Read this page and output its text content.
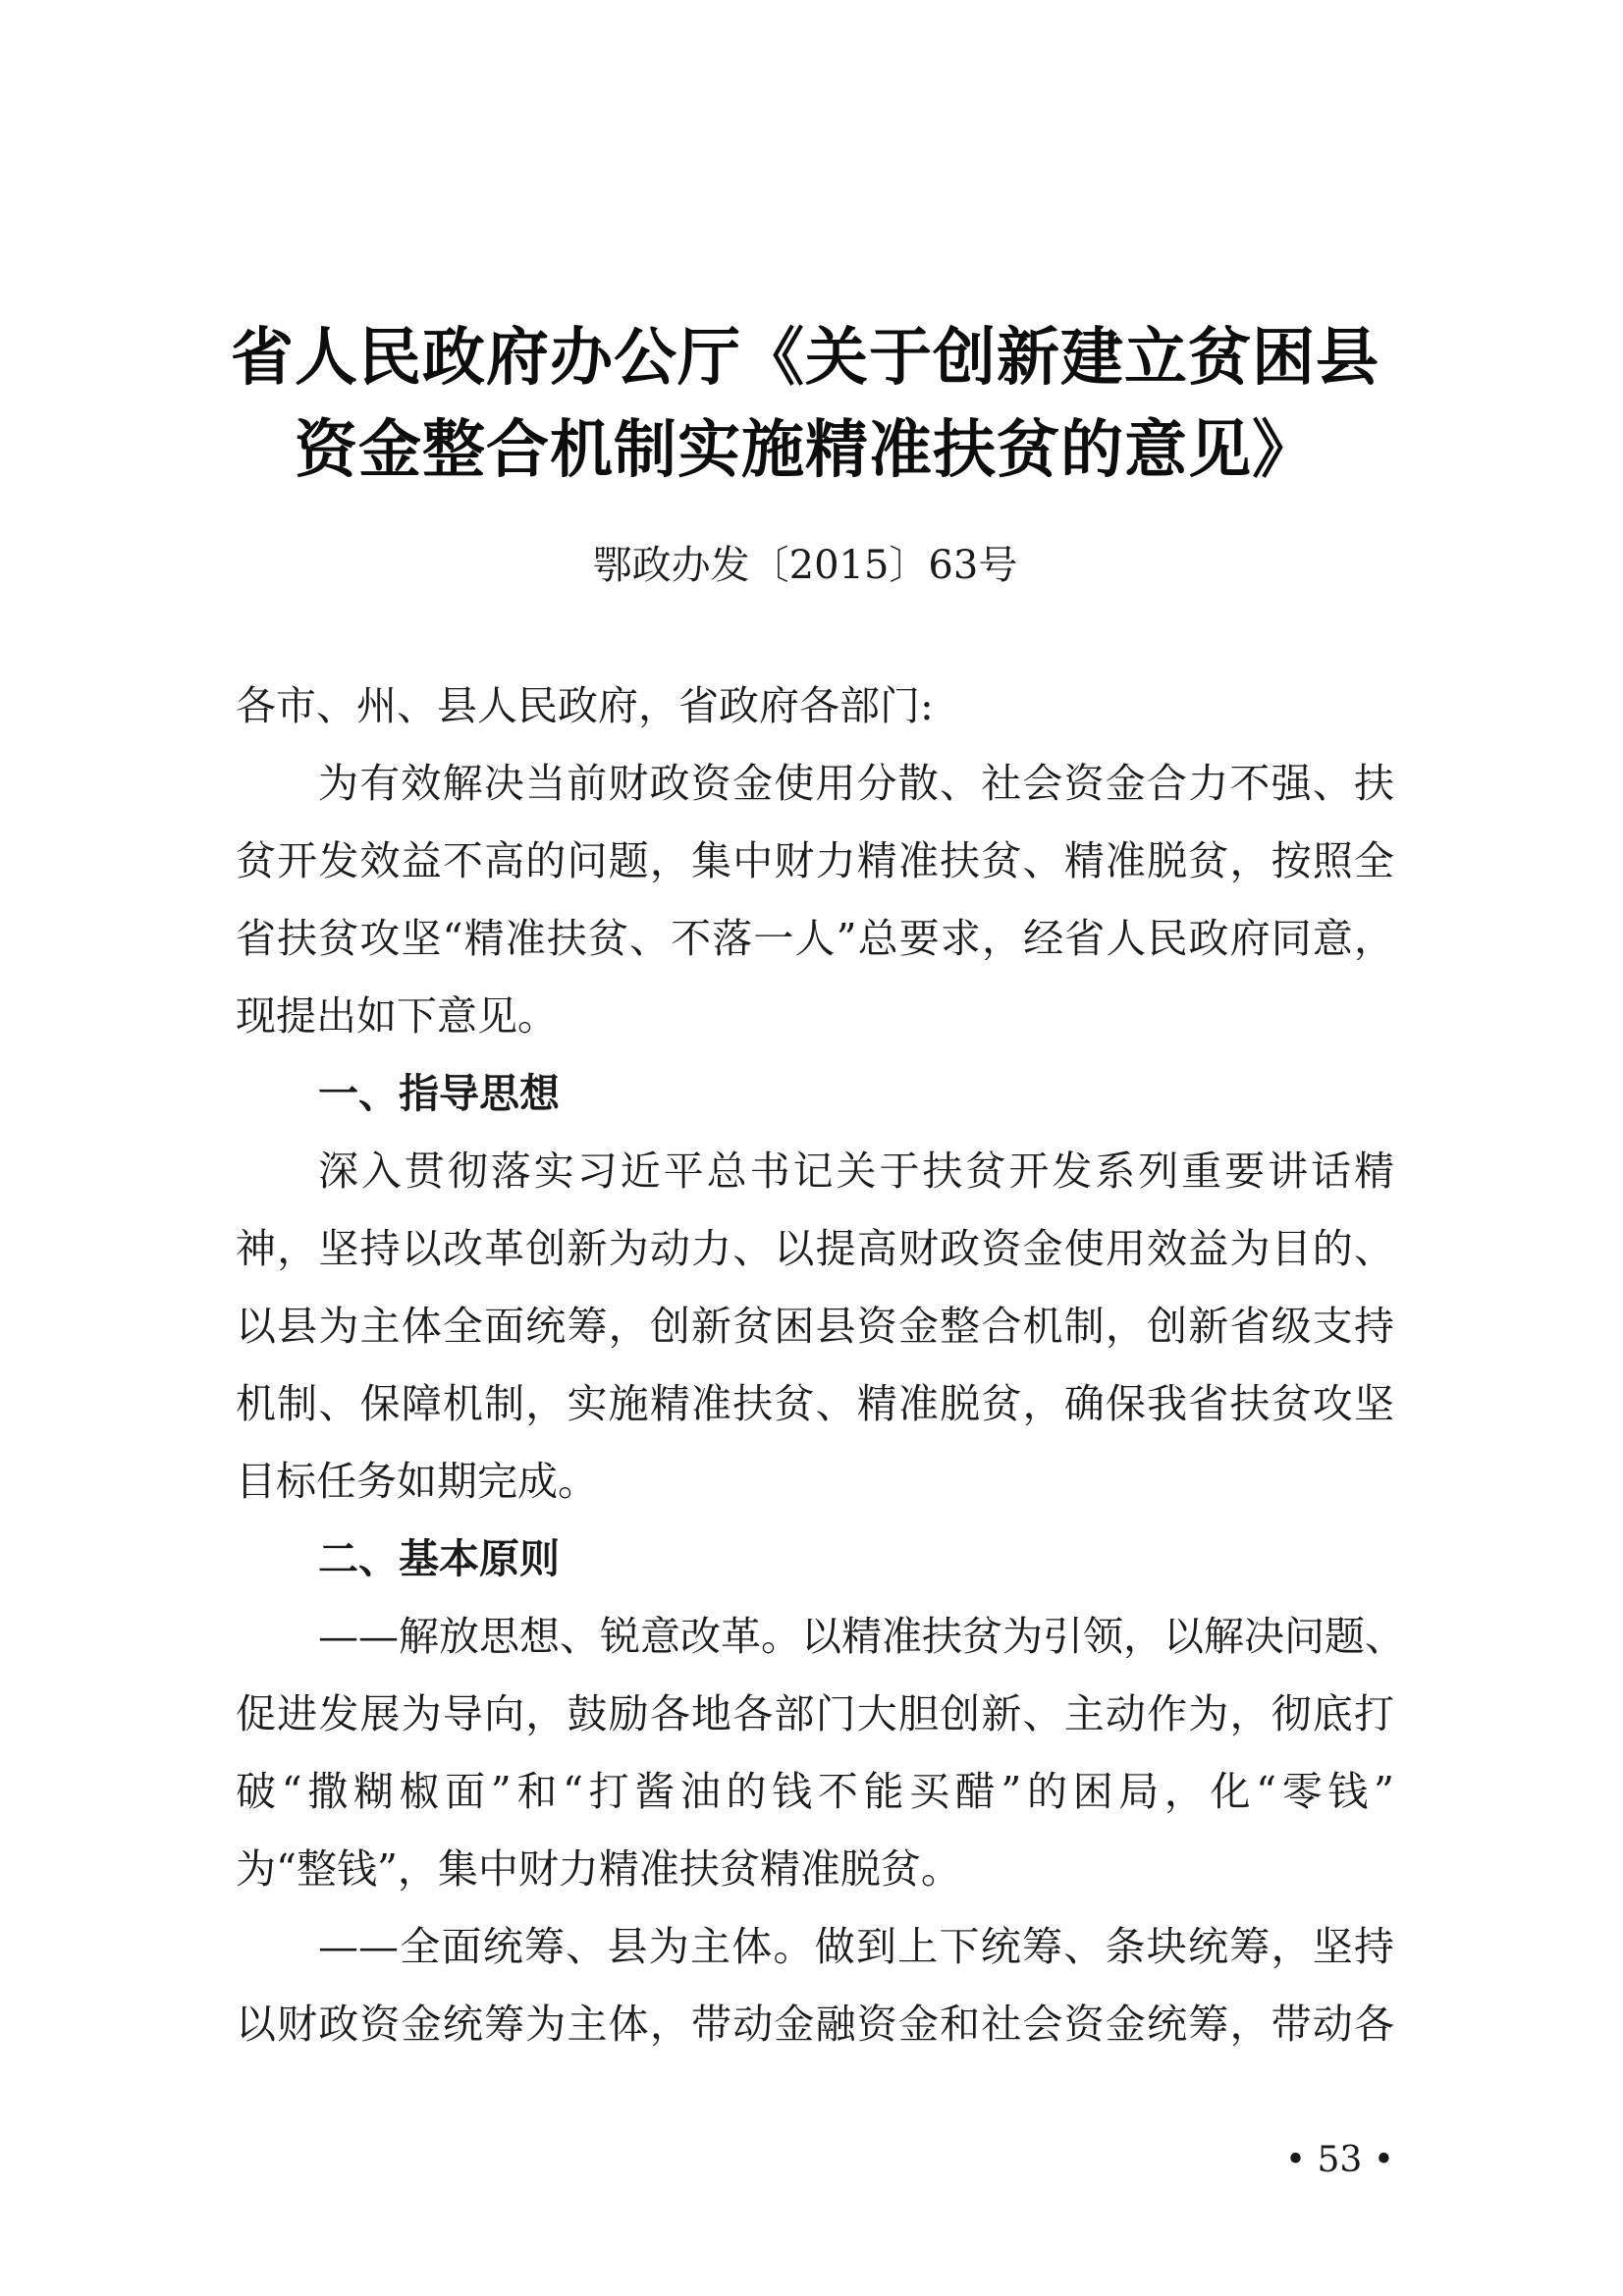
省人民政府办公厅《关于创新建立贫困县
资金整合机制实施精准扶贫的意见》
鄂政办发〔2015〕63号
各市、州、县人民政府，省政府各部门:
为有效解决当前财政资金使用分散、社会资金合力不强、扶
贫开发效益不高的问题，集中财力精准扶贫、精准脱贫，按照全
省扶贫攻坚“精准扶贫、不落一人”总要求，经省人民政府同意，
现提出如下意见。
一、指导思想
深入贯彻落实习近平总书记关于扶贫开发系列重要讲话精
神，坚持以改革创新为动力、以提高财政资金使用效益为目的、
以县为主体全面统筹，创新贫困县资金整合机制，创新省级支持
机制、保障机制，实施精准扶贫、精准脱贫，确保我省扶贫攻坚
目标任务如期完成。
二、基本原则
——解放思想、锐意改革。以精准扶贫为引领，以解决问题、
促进发展为导向，鼓励各地各部门大胆创新、主动作为，彻底打
破“撒糊椒面”和“打酱油的钱不能买醋”的困局，化“零钱”
为“整钱”，集中财力精准扶贫精准脱贫。
——全面统筹、县为主体。做到上下统筹、条块统筹，坚持
以财政资金统筹为主体，带动金融资金和社会资金统筹，带动各
• 53 •
